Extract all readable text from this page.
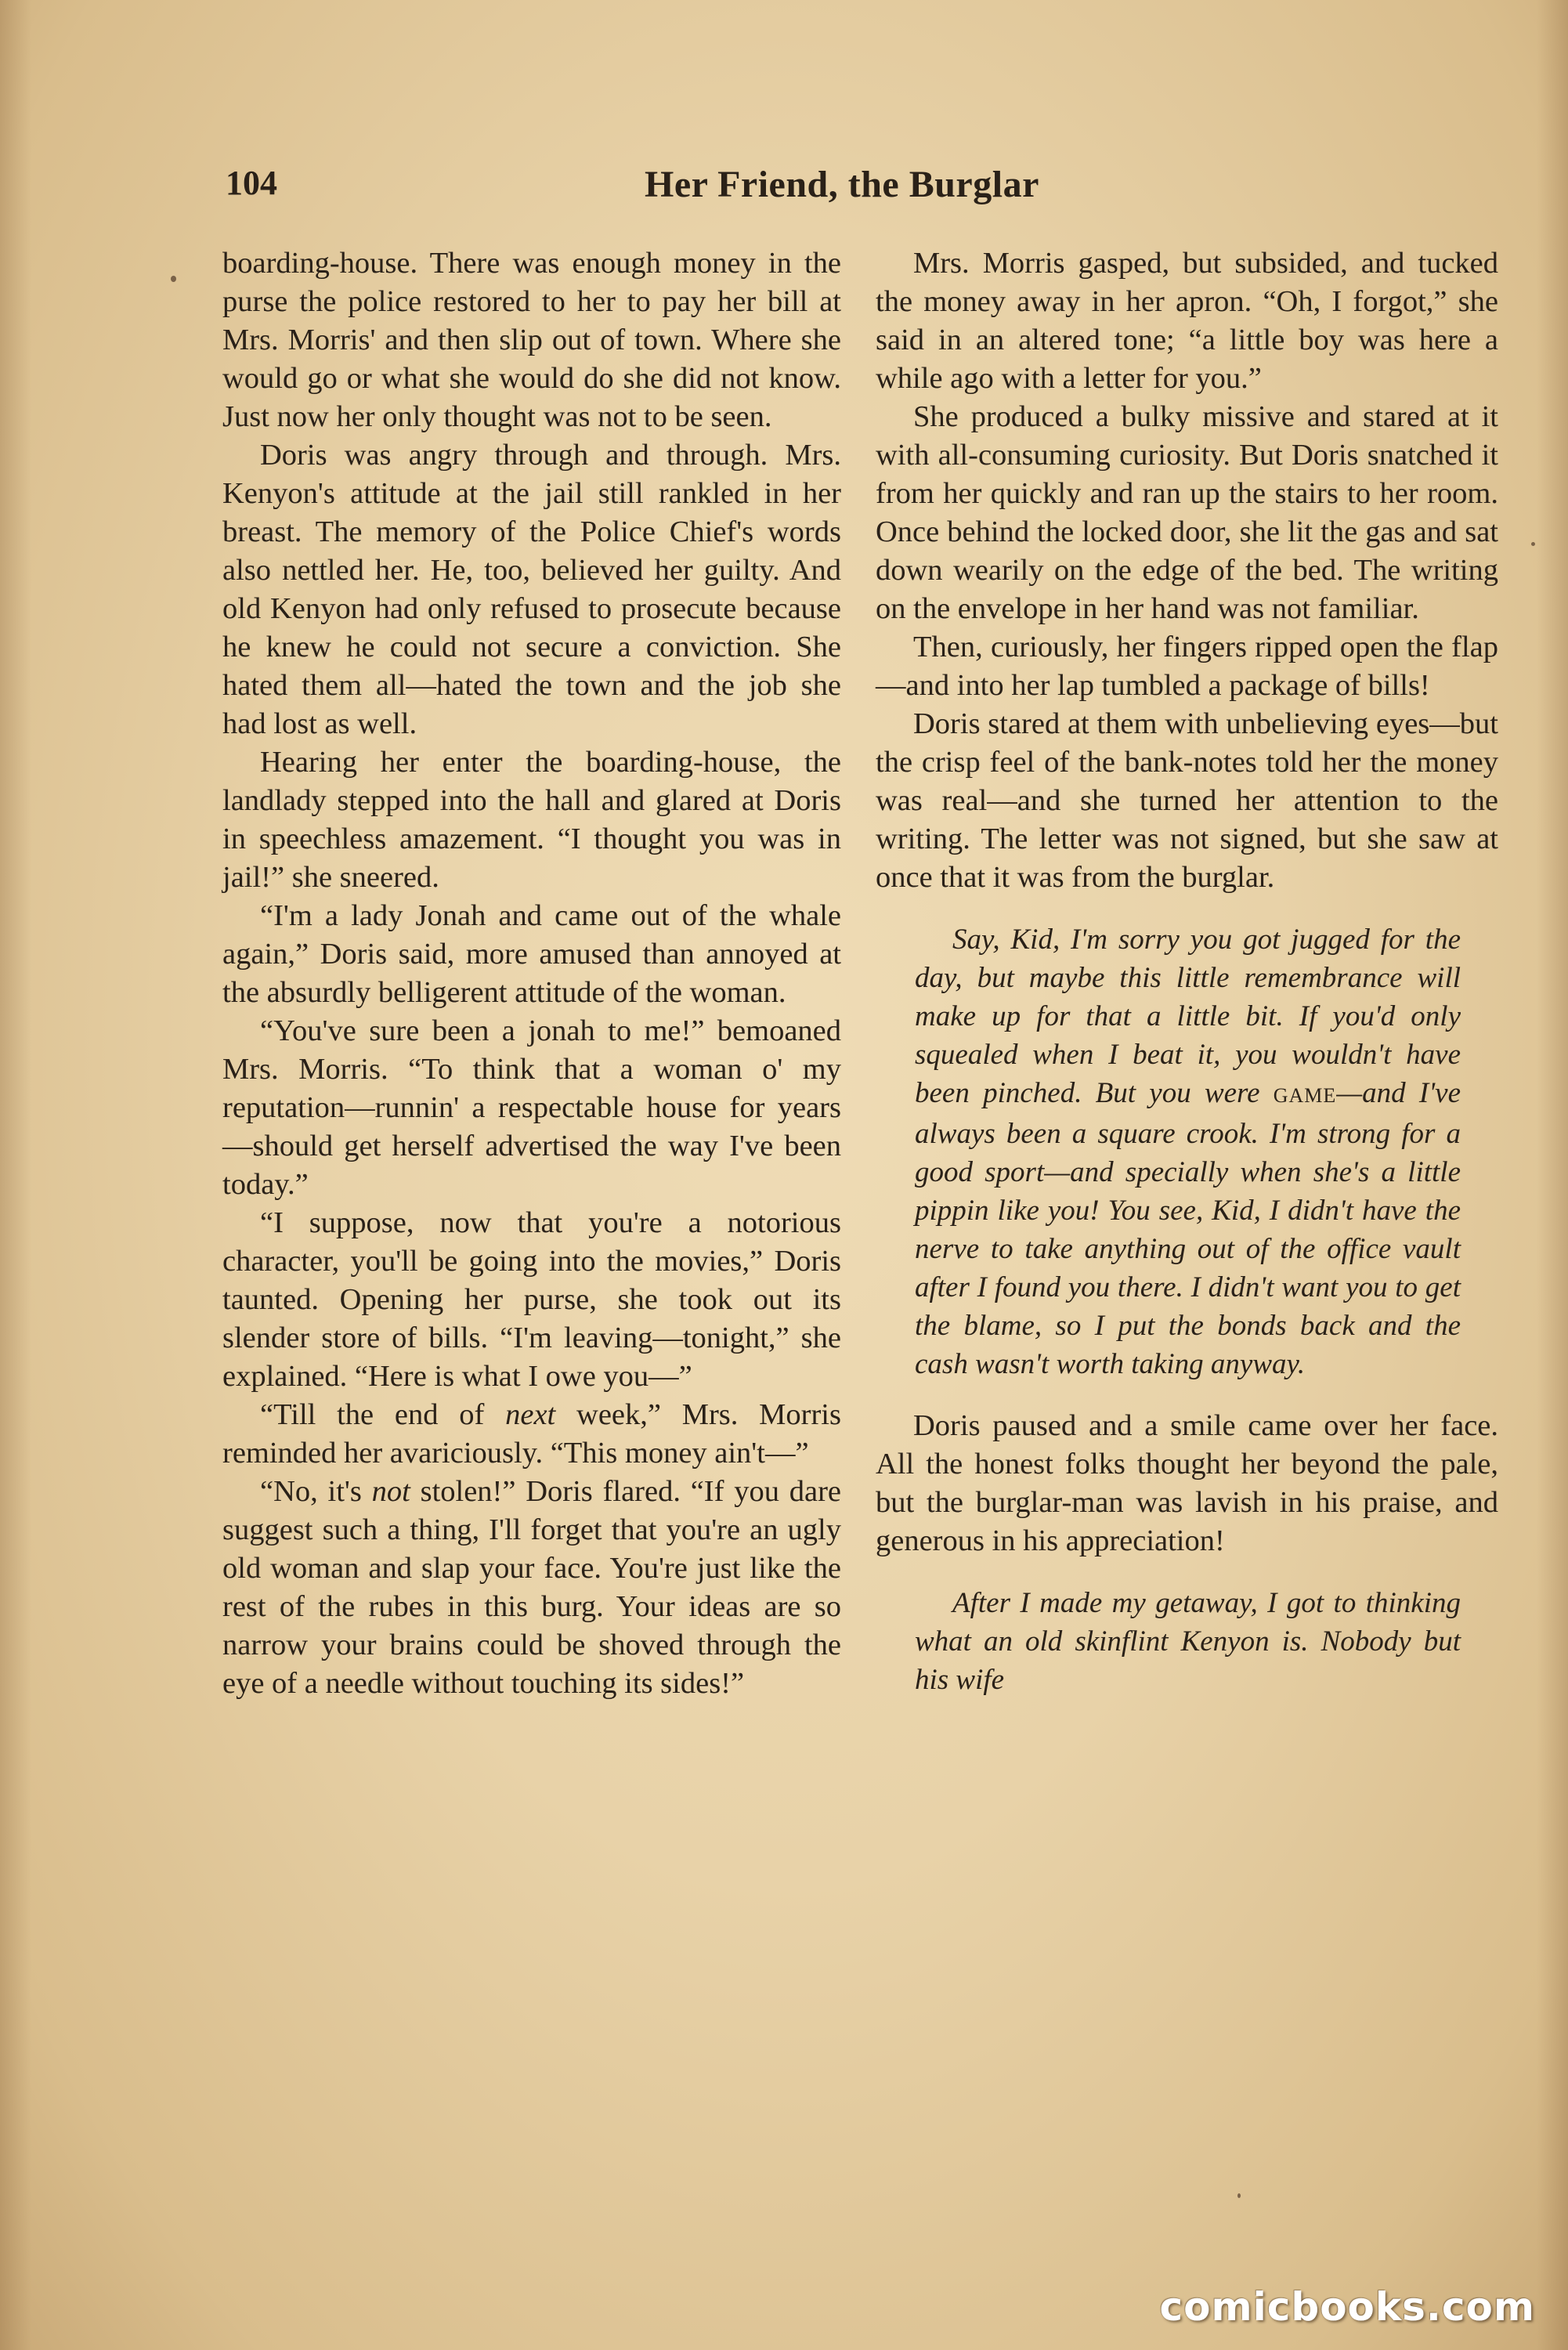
104	Her Friend, the Burglar

boarding-house. There was enough money in the purse the police restored to her to pay her bill at Mrs. Morris' and then slip out of town. Where she would go or what she would do she did not know. Just now her only thought was not to be seen.

Doris was angry through and through. Mrs. Kenyon's attitude at the jail still rankled in her breast. The memory of the Police Chief's words also nettled her. He, too, believed her guilty. And old Kenyon had only refused to prosecute because he knew he could not secure a conviction. She hated them all—hated the town and the job she had lost as well.

Hearing her enter the boarding-house, the landlady stepped into the hall and glared at Doris in speechless amazement. “I thought you was in jail!” she sneered.

“I'm a lady Jonah and came out of the whale again,” Doris said, more amused than annoyed at the absurdly belligerent attitude of the woman.

“You've sure been a jonah to me!” bemoaned Mrs. Morris. “To think that a woman o' my reputation—runnin' a respectable house for years—should get herself advertised the way I've been today.”

“I suppose, now that you're a notorious character, you'll be going into the movies,” Doris taunted. Opening her purse, she took out its slender store of bills. “I'm leaving—tonight,” she explained. “Here is what I owe you—”

“Till the end of next week,” Mrs. Morris reminded her avariciously. “This money ain't—”

“No, it's not stolen!” Doris flared. “If you dare suggest such a thing, I'll forget that you're an ugly old woman and slap your face. You're just like the rest of the rubes in this burg. Your ideas are so narrow your brains could be shoved through the eye of a needle without touching its sides!”

Mrs. Morris gasped, but subsided, and tucked the money away in her apron. “Oh, I forgot,” she said in an altered tone; “a little boy was here a while ago with a letter for you.”

She produced a bulky missive and stared at it with all-consuming curiosity. But Doris snatched it from her quickly and ran up the stairs to her room. Once behind the locked door, she lit the gas and sat down wearily on the edge of the bed. The writing on the envelope in her hand was not familiar.

Then, curiously, her fingers ripped open the flap—and into her lap tumbled a package of bills!

Doris stared at them with unbelieving eyes—but the crisp feel of the bank-notes told her the money was real—and she turned her attention to the writing. The letter was not signed, but she saw at once that it was from the burglar.

Say, Kid, I'm sorry you got jugged for the day, but maybe this little remembrance will make up for that a little bit. If you'd only squealed when I beat it, you wouldn't have been pinched. But you were GAME—and I've always been a square crook. I'm strong for a good sport—and specially when she's a little pippin like you! You see, Kid, I didn't have the nerve to take anything out of the office vault after I found you there. I didn't want you to get the blame, so I put the bonds back and the cash wasn't worth taking anyway.

Doris paused and a smile came over her face. All the honest folks thought her beyond the pale, but the burglar-man was lavish in his praise, and generous in his appreciation!

After I made my getaway, I got to thinking what an old skinflint Kenyon is. Nobody but his wife

comicbooks.com
